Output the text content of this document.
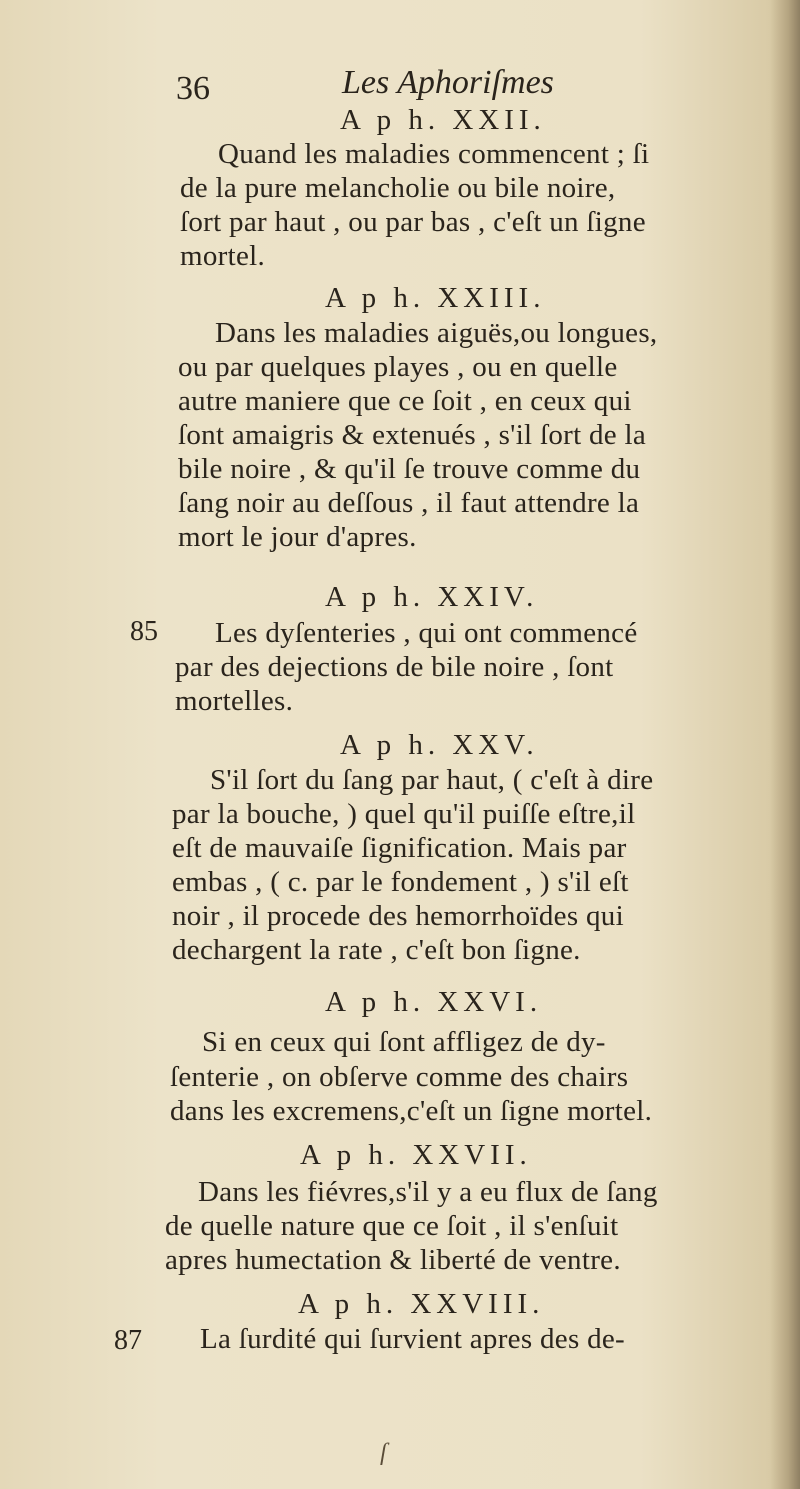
36	Les Aphoriſmes
A p h. XXII.
Quand les maladies commencent ; ſi
de la pure melancholie ou bile noire,
ſort par haut , ou par bas , c'eſt un ſigne
mortel.
A p h. XXIII.
Dans les maladies aiguës,ou longues,
ou par quelques playes , ou en quelle
autre maniere que ce ſoit , en ceux qui
ſont amaigris & extenués , s'il ſort de la
bile noire , & qu'il ſe trouve comme du
ſang noir au deſſous , il faut attendre la
mort le jour d'apres.
85
A p h. XXIV.
Les dyſenteries , qui ont commencé
par des dejections de bile noire , ſont
mortelles.
A p h. XXV.
S'il ſort du ſang par haut, ( c'eſt à dire
par la bouche, ) quel qu'il puiſſe eſtre,il
eſt de mauvaiſe ſignification. Mais par
embas , ( c. par le fondement , ) s'il eſt
noir , il procede des hemorrhoïdes qui
dechargent la rate , c'eſt bon ſigne.
A p h. XXVI.
Si en ceux qui ſont affligez de dy-
ſenterie , on obſerve comme des chairs
dans les excremens,c'eſt un ſigne mortel.
A p h. XXVII.
Dans les fiévres,s'il y a eu flux de ſang
de quelle nature que ce ſoit , il s'enſuit
apres humectation & liberté de ventre.
A p h. XXVIII.
87 La ſurdité qui ſurvient apres des de-
ſ
